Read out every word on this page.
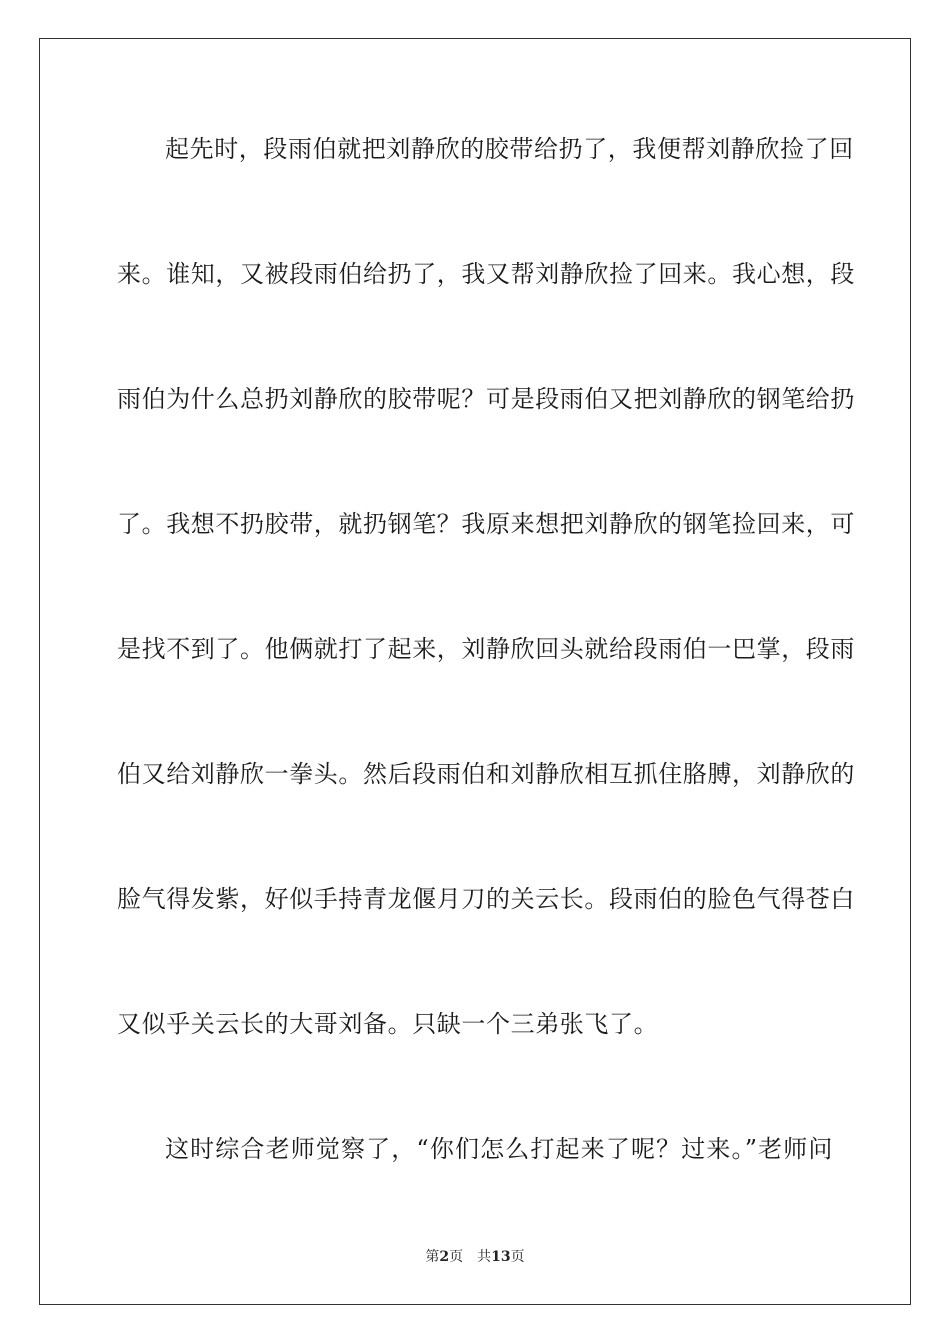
起先时，段雨伯就把刘静欣的胶带给扔了，我便帮刘静欣捡了回
来。谁知，又被段雨伯给扔了，我又帮刘静欣捡了回来。我心想，段
雨伯为什么总扔刘静欣的胶带呢？可是段雨伯又把刘静欣的钢笔给扔
了。我想不扔胶带，就扔钢笔？我原来想把刘静欣的钢笔捡回来，可
是找不到了。他俩就打了起来，刘静欣回头就给段雨伯一巴掌，段雨
伯又给刘静欣一拳头。然后段雨伯和刘静欣相互抓住胳膊，刘静欣的
脸气得发紫，好似手持青龙偃月刀的关云长。段雨伯的脸色气得苍白
又似乎关云长的大哥刘备。只缺一个三弟张飞了。
这时综合老师觉察了，“你们怎么打起来了呢？过来。”老师问
第2页 共13页
